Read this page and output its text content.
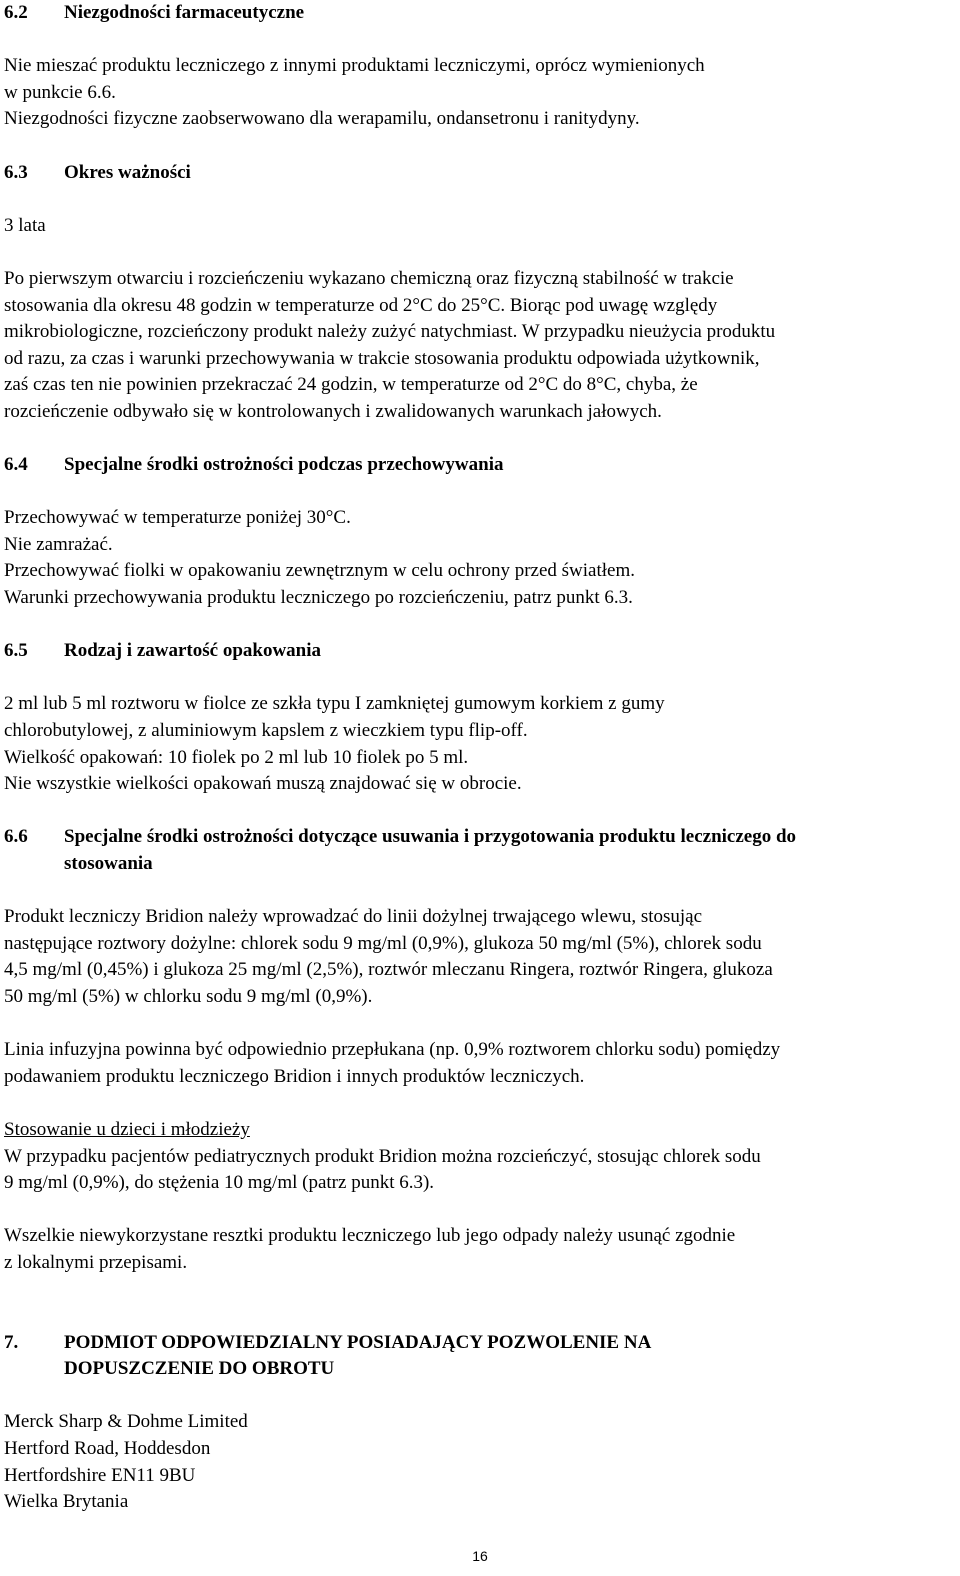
6.2	Niezgodności farmaceutyczne

Nie mieszać produktu leczniczego z innymi produktami leczniczymi, oprócz wymienionych
w punkcie 6.6.
Niezgodności fizyczne zaobserwowano dla werapamilu, ondansetronu i ranitydyny.

6.3	Okres ważności

3 lata

Po pierwszym otwarciu i rozcieńczeniu wykazano chemiczną oraz fizyczną stabilność w trakcie
stosowania dla okresu 48 godzin w temperaturze od 2°C do 25°C. Biorąc pod uwagę względy
mikrobiologiczne, rozcieńczony produkt należy zużyć natychmiast. W przypadku nieużycia produktu
od razu, za czas i warunki przechowywania w trakcie stosowania produktu odpowiada użytkownik,
zaś czas ten nie powinien przekraczać 24 godzin, w temperaturze od 2°C do 8°C, chyba, że
rozcieńczenie odbywało się w kontrolowanych i zwalidowanych warunkach jałowych.

6.4	Specjalne środki ostrożności podczas przechowywania

Przechowywać w temperaturze poniżej 30°C.
Nie zamrażać.
Przechowywać fiolki w opakowaniu zewnętrznym w celu ochrony przed światłem.
Warunki przechowywania produktu leczniczego po rozcieńczeniu, patrz punkt 6.3.

6.5	Rodzaj i zawartość opakowania

2 ml lub 5 ml roztworu w fiolce ze szkła typu I zamkniętej gumowym korkiem z gumy
chlorobutylowej, z aluminiowym kapslem z wieczkiem typu flip-off.
Wielkość opakowań: 10 fiolek po 2 ml lub 10 fiolek po 5 ml.
Nie wszystkie wielkości opakowań muszą znajdować się w obrocie.

6.6	Specjalne środki ostrożności dotyczące usuwania i przygotowania produktu leczniczego do
stosowania

Produkt leczniczy Bridion należy wprowadzać do linii dożylnej trwającego wlewu, stosując
następujące roztwory dożylne: chlorek sodu 9 mg/ml (0,9%), glukoza 50 mg/ml (5%), chlorek sodu
4,5 mg/ml (0,45%) i glukoza 25 mg/ml (2,5%), roztwór mleczanu Ringera, roztwór Ringera, glukoza
50 mg/ml (5%) w chlorku sodu 9 mg/ml (0,9%).

Linia infuzyjna powinna być odpowiednio przepłukana (np. 0,9% roztworem chlorku sodu) pomiędzy
podawaniem produktu leczniczego Bridion i innych produktów leczniczych.

Stosowanie u dzieci i młodzieży
W przypadku pacjentów pediatrycznych produkt Bridion można rozcieńczyć, stosując chlorek sodu
9 mg/ml (0,9%), do stężenia 10 mg/ml (patrz punkt 6.3).

Wszelkie niewykorzystane resztki produktu leczniczego lub jego odpady należy usunąć zgodnie
z lokalnymi przepisami.

7.	PODMIOT ODPOWIEDZIALNY POSIADAJĄCY POZWOLENIE NA
DOPUSZCZENIE DO OBROTU

Merck Sharp & Dohme Limited
Hertford Road, Hoddesdon
Hertfordshire EN11 9BU
Wielka Brytania

16
